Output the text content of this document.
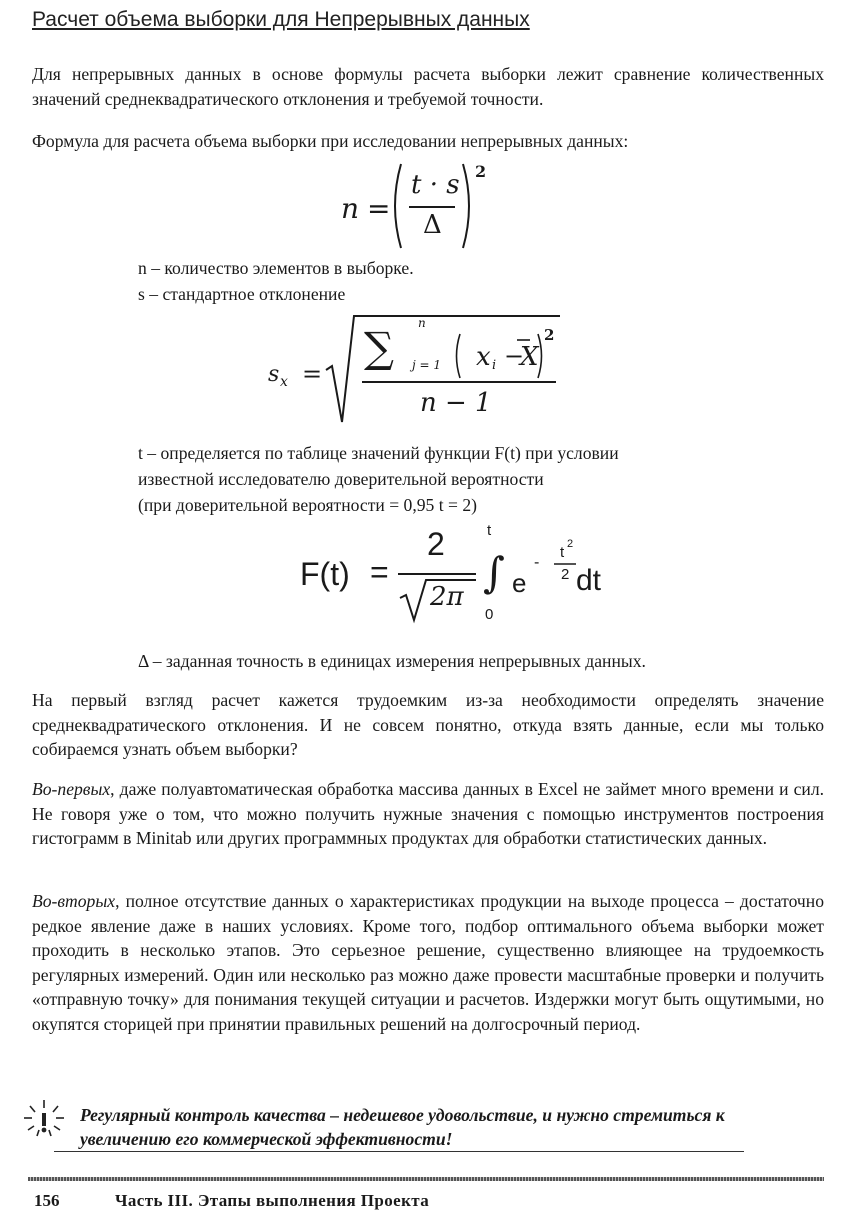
Расчет объема выборки для Непрерывных данных

Для непрерывных данных в основе формулы расчета выборки лежит сравнение количественных значений среднеквадратического отклонения и требуемой точности.

Формула для расчета объема выборки при исследовании непрерывных данных:
n =
t · s
Δ
2
n – количество элементов в выборке.
s – стандартное отклонение
s x =
∑ n
j = 1 x i −
X
2
n − 1
t – определяется по таблице значений функции F(t) при условии
известной исследователю доверительной вероятности
(при доверительной вероятности = 0,95 t = 2)
F(t) =
2
2π ∫
t
0
e
-
t 2
2 dt
Δ – заданная точность в единицах измерения непрерывных данных.

На первый взгляд расчет кажется трудоемким из-за необходимости определять значение среднеквадратического отклонения. И не совсем понятно, откуда взять данные, если мы только собираемся узнать объем выборки?

Во-первых, даже полуавтоматическая обработка массива данных в Excel не займет много времени и сил. Не говоря уже о том, что можно получить нужные значения с помощью инструментов построения гистограмм в Minitab или других программных продуктах для обработки статистических данных.

Во-вторых, полное отсутствие данных о характеристиках продукции на выходе процесса – достаточно редкое явление даже в наших условиях. Кроме того, подбор оптимального объема выборки может проходить в несколько этапов. Это серьезное решение, существенно влияющее на трудоемкость регулярных измерений. Один или несколько раз можно даже провести масштабные проверки и получить «отправную точку» для понимания текущей ситуации и расчетов. Издержки могут быть ощутимыми, но окупятся сторицей при принятии правильных решений на долгосрочный период.

Регулярный контроль качества – недешевое удовольствие, и нужно стремиться к увеличению его коммерческой эффективности!
156	Часть III. Этапы выполнения Проекта
